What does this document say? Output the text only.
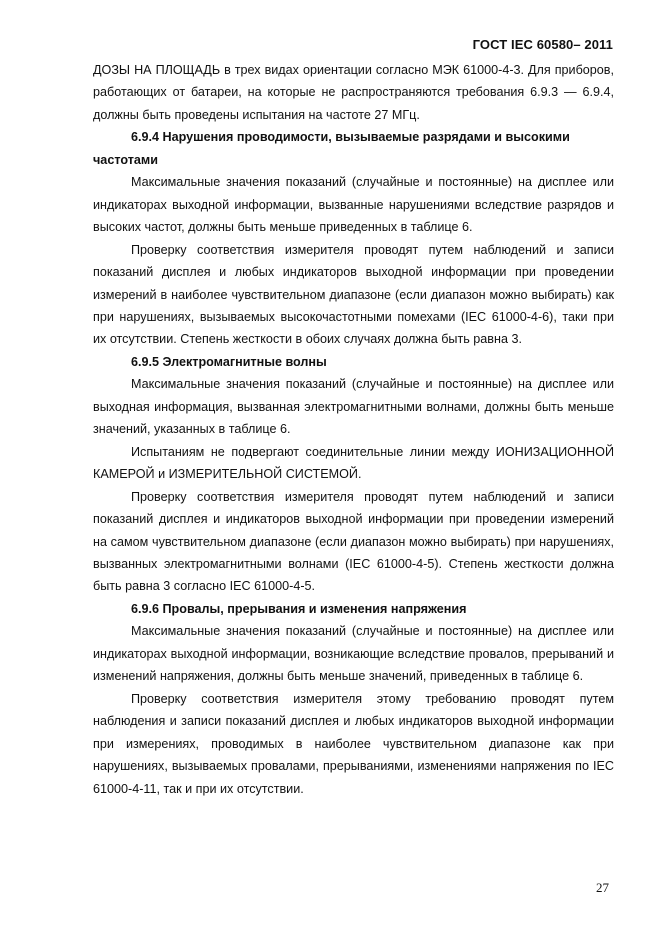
ГОСТ IEC 60580– 2011

ДОЗЫ НА ПЛОЩАДЬ в трех видах ориентации согласно МЭК 61000-4-3. Для приборов, работающих от батареи, на которые не распространяются требования 6.9.3 — 6.9.4, должны быть проведены испытания на частоте 27 МГц.

6.9.4 Нарушения проводимости, вызываемые разрядами и высокими частотами

Максимальные значения показаний (случайные и постоянные) на дисплее или индикаторах выходной информации, вызванные нарушениями вследствие разрядов и высоких частот, должны быть меньше приведенных в таблице 6.

Проверку соответствия измерителя проводят путем наблюдений и записи показаний дисплея и любых индикаторов выходной информации при проведении измерений в наиболее чувствительном диапазоне (если диапазон можно выбирать) как при нарушениях, вызываемых высокочастотными помехами (IEC 61000-4-6), таки при их отсутствии. Степень жесткости в обоих случаях должна быть равна 3.

6.9.5 Электромагнитные волны

Максимальные значения показаний (случайные и постоянные) на дисплее или выходная информация, вызванная электромагнитными волнами, должны быть меньше значений, указанных в таблице 6.

Испытаниям не подвергают соединительные линии между ИОНИЗАЦИОННОЙ КАМЕРОЙ и ИЗМЕРИТЕЛЬНОЙ СИСТЕМОЙ.

Проверку соответствия измерителя проводят путем наблюдений и записи показаний дисплея и индикаторов выходной информации при проведении измерений на самом чувствительном диапазоне (если диапазон можно выбирать) при нарушениях, вызванных электромагнитными волнами (IEC 61000-4-5). Степень жесткости должна быть равна 3 согласно IEC 61000-4-5.

6.9.6 Провалы, прерывания и изменения напряжения

Максимальные значения показаний (случайные и постоянные) на дисплее или индикаторах выходной информации, возникающие вследствие провалов, прерываний и изменений напряжения, должны быть меньше значений, приведенных в таблице 6.

Проверку соответствия измерителя этому требованию проводят путем наблюдения и записи показаний дисплея и любых индикаторов выходной информации при измерениях, проводимых в наиболее чувствительном диапазоне как при нарушениях, вызываемых провалами, прерываниями, изменениями напряжения по IEC 61000-4-11, так и при их отсутствии.

27
